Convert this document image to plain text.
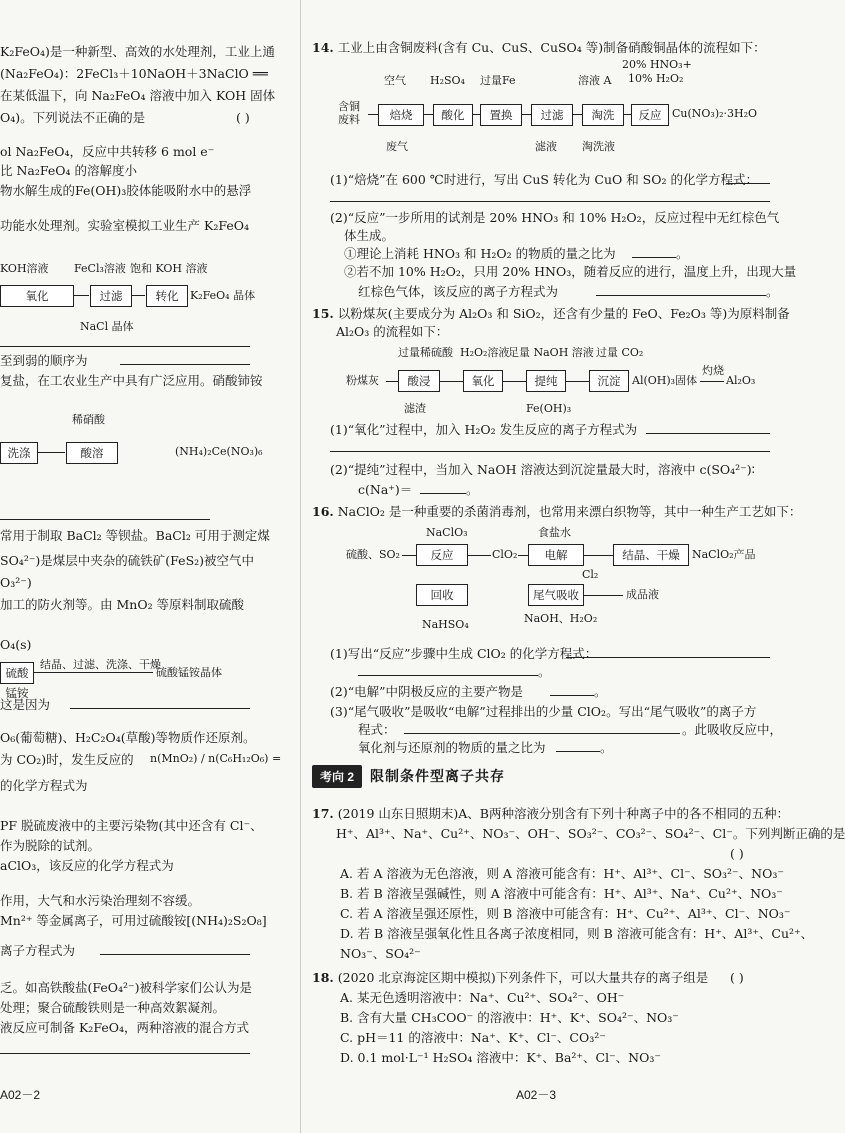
K₂FeO₄)是一种新型、高效的水处理剂，工业上通
(Na₂FeO₄)：2FeCl₃＋10NaOH＋3NaClO ══
在某低温下，向 Na₂FeO₄ 溶液中加入 KOH 固体
O₄)。下列说法不正确的是	( )
ol Na₂FeO₄，反应中共转移 6 mol e⁻
比 Na₂FeO₄ 的溶解度小
物水解生成的Fe(OH)₃胶体能吸附水中的悬浮
功能水处理剂。实验室模拟工业生产 K₂FeO₄
KOH溶液 FeCl₃溶液 饱和 KOH 溶液
氧化	过滤	转化	K₂FeO₄ 晶体
NaCl 晶体
至到弱的顺序为
复盐，在工农业生产中具有广泛应用。硝酸铈铵
稀硝酸
洗涤	酸溶	(NH₄)₂Ce(NO₃)₆
常用于制取 BaCl₂ 等钡盐。BaCl₂ 可用于测定煤
SO₄²⁻)是煤层中夹杂的硫铁矿(FeS₂)被空气中
O₃²⁻)
加工的防火剂等。由 MnO₂ 等原料制取硫酸
O₄(s)
硫酸锰铵
结晶、过滤、洗涤、干燥
硫酸锰铵晶体
这是因为
O₆(葡萄糖)、H₂C₂O₄(草酸)等物质作还原剂。
为 CO₂)时，发生反应的 n(MnO₂) / n(C₆H₁₂O₆) =
的化学方程式为
PF 脱硫废液中的主要污染物(其中还含有 Cl⁻、
作为脱除的试剂。
aClO₃，该反应的化学方程式为
作用，大气和水污染治理刻不容缓。
Mn²⁺ 等金属离子，可用过硫酸铵[(NH₄)₂S₂O₈]
离子方程式为
乏。如高铁酸盐(FeO₄²⁻)被科学家们公认为是
处理；聚合硫酸铁则是一种高效絮凝剂。
液反应可制备 K₂FeO₄，两种溶液的混合方式
A02－2
14. 工业上由含铜废料(含有 Cu、CuS、CuSO₄ 等)制备硝酸铜晶体的流程如下：
空气 H₂SO₄ 过量Fe	溶液 A
20% HNO₃+
10% H₂O₂
含铜废料	焙烧	酸化	置换	过滤	淘洗	反应 Cu(NO₃)₂·3H₂O
废气	滤液 淘洗液
(1)“焙烧”在 600 ℃时进行，写出 CuS 转化为 CuO 和 SO₂ 的化学方程式：
(2)“反应”一步所用的试剂是 20% HNO₃ 和 10% H₂O₂，反应过程中无红棕色气
体生成。
①理论上消耗 HNO₃ 和 H₂O₂ 的物质的量之比为	。
②若不加 10% H₂O₂，只用 20% HNO₃，随着反应的进行，温度上升，出现大量
红棕色气体，该反应的离子方程式为	。
15. 以粉煤灰(主要成分为 Al₂O₃ 和 SiO₂，还含有少量的 FeO、Fe₂O₃ 等)为原料制备
Al₂O₃ 的流程如下：
过量稀硫酸 H₂O₂溶液
足量 NaOH 溶液 过量 CO₂
粉煤灰	酸浸	氧化	提纯	沉淀	Al(OH)₃固体
灼烧
Al₂O₃
滤渣	Fe(OH)₃
(1)“氧化”过程中，加入 H₂O₂ 发生反应的离子方程式为
(2)“提纯”过程中，当加入 NaOH 溶液达到沉淀量最大时，溶液中 c(SO₄²⁻)∶
c(Na⁺)＝	。
16. NaClO₂ 是一种重要的杀菌消毒剂，也常用来漂白织物等，其中一种生产工艺如下：
NaClO₃	食盐水
硫酸、SO₂	反应	ClO₂	电解	结晶、干燥	NaClO₂产品
Cl₂
回收	尾气吸收	成品液
NaHSO₄	NaOH、H₂O₂
(1)写出“反应”步骤中生成 ClO₂ 的化学方程式：
。
(2)“电解”中阴极反应的主要产物是	。
(3)“尾气吸收”是吸收“电解”过程排出的少量 ClO₂。写出“尾气吸收”的离子方
程式：	。此吸收反应中，
氧化剂与还原剂的物质的量之比为	。
考向 2	限制条件型离子共存
17. (2019 山东日照期末)A、B两种溶液分别含有下列十种离子中的各不相同的五种：
H⁺、Al³⁺、Na⁺、Cu²⁺、NO₃⁻、OH⁻、SO₃²⁻、CO₃²⁻、SO₄²⁻、Cl⁻。下列判断正确的是
( )
A. 若 A 溶液为无色溶液，则 A 溶液可能含有：H⁺、Al³⁺、Cl⁻、SO₃²⁻、NO₃⁻
B. 若 B 溶液呈强碱性，则 A 溶液中可能含有：H⁺、Al³⁺、Na⁺、Cu²⁺、NO₃⁻
C. 若 A 溶液呈强还原性，则 B 溶液中可能含有：H⁺、Cu²⁺、Al³⁺、Cl⁻、NO₃⁻
D. 若 B 溶液呈强氧化性且各离子浓度相同，则 B 溶液可能含有：H⁺、Al³⁺、Cu²⁺、
NO₃⁻、SO₄²⁻
18. (2020 北京海淀区期中模拟)下列条件下，可以大量共存的离子组是 ( )
A. 某无色透明溶液中：Na⁺、Cu²⁺、SO₄²⁻、OH⁻
B. 含有大量 CH₃COO⁻ 的溶液中：H⁺、K⁺、SO₄²⁻、NO₃⁻
C. pH＝11 的溶液中：Na⁺、K⁺、Cl⁻、CO₃²⁻
D. 0.1 mol·L⁻¹ H₂SO₄ 溶液中：K⁺、Ba²⁺、Cl⁻、NO₃⁻
A02－3
